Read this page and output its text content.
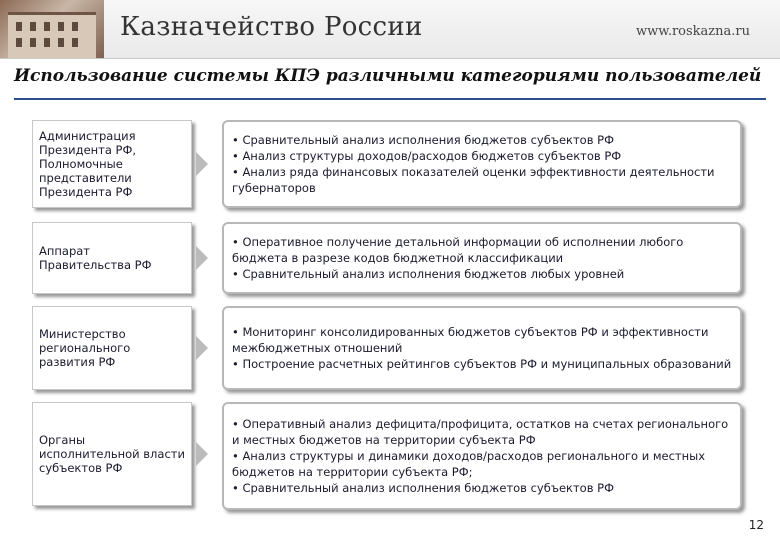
Казначейство России	www.roskazna.ru
Использование системы КПЭ различными категориями пользователей
Администрация Президента РФ, Полномочные представители Президента РФ
• Сравнительный анализ исполнения бюджетов субъектов РФ
• Анализ структуры доходов/расходов бюджетов субъектов РФ
• Анализ ряда финансовых показателей оценки эффективности деятельности губернаторов
Аппарат Правительства РФ
• Оперативное получение детальной информации об исполнении любого бюджета в разрезе кодов бюджетной классификации
• Сравнительный анализ исполнения бюджетов любых уровней
Министерство регионального развития РФ
• Мониторинг консолидированных бюджетов субъектов РФ и эффективности межбюджетных отношений
• Построение расчетных рейтингов субъектов РФ и муниципальных образований
Органы исполнительной власти субъектов РФ
• Оперативный анализ дефицита/профицита, остатков на счетах регионального и местных бюджетов на территории субъекта РФ
• Анализ структуры и динамики доходов/расходов регионального и местных бюджетов на территории субъекта РФ;
• Сравнительный анализ исполнения бюджетов субъектов РФ
12
